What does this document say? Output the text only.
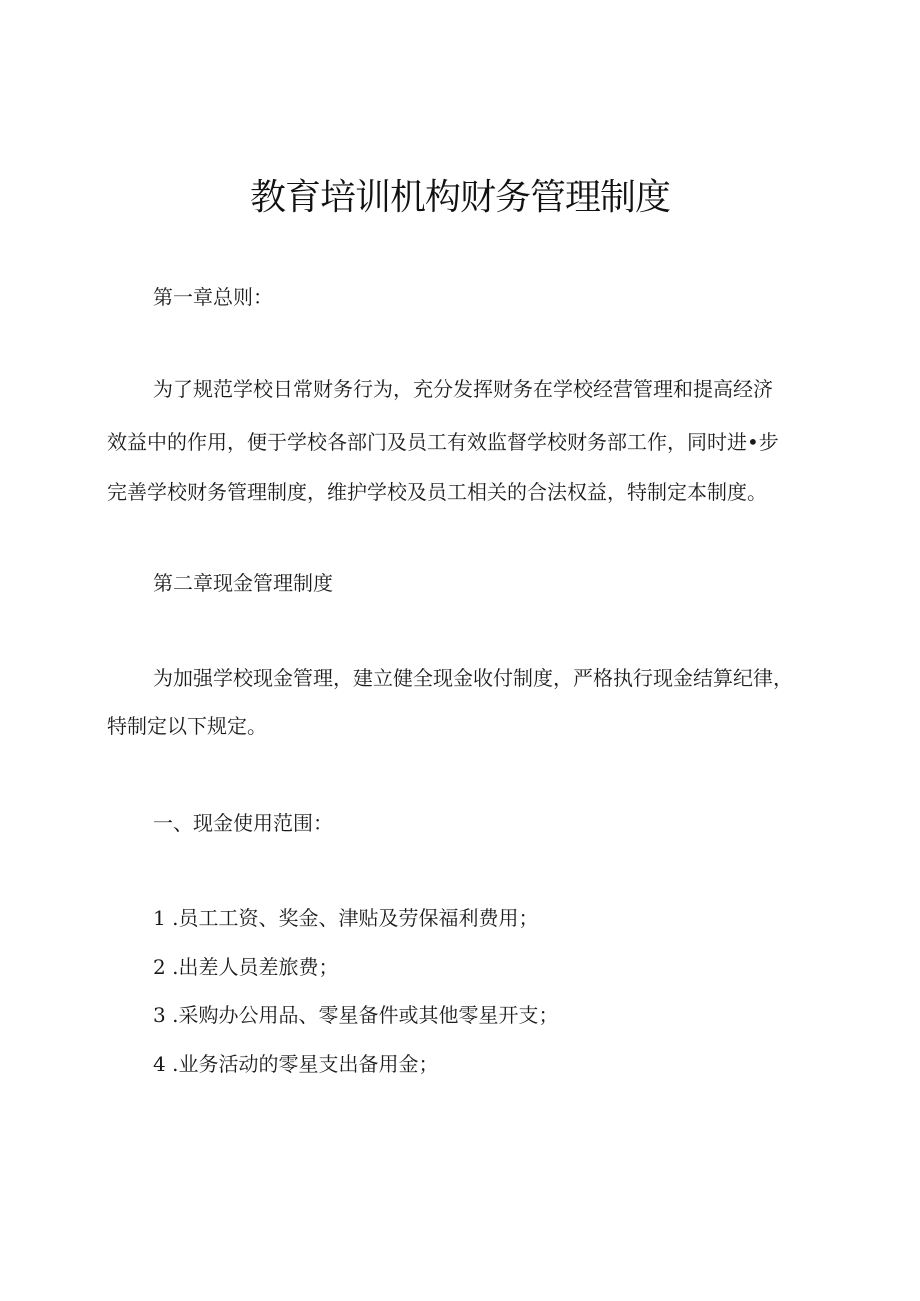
教育培训机构财务管理制度

第一章总则：

为了规范学校日常财务行为，充分发挥财务在学校经营管理和提高经济

效益中的作用，便于学校各部门及员工有效监督学校财务部工作，同时进•步

完善学校财务管理制度，维护学校及员工相关的合法权益，特制定本制度。

第二章现金管理制度

为加强学校现金管理，建立健全现金收付制度，严格执行现金结算纪律，

特制定以下规定。

一、现金使用范围：

1 .员工工资、奖金、津贴及劳保福利费用；

2 .出差人员差旅费；

3 .采购办公用品、零星备件或其他零星开支；

4 .业务活动的零星支出备用金；
